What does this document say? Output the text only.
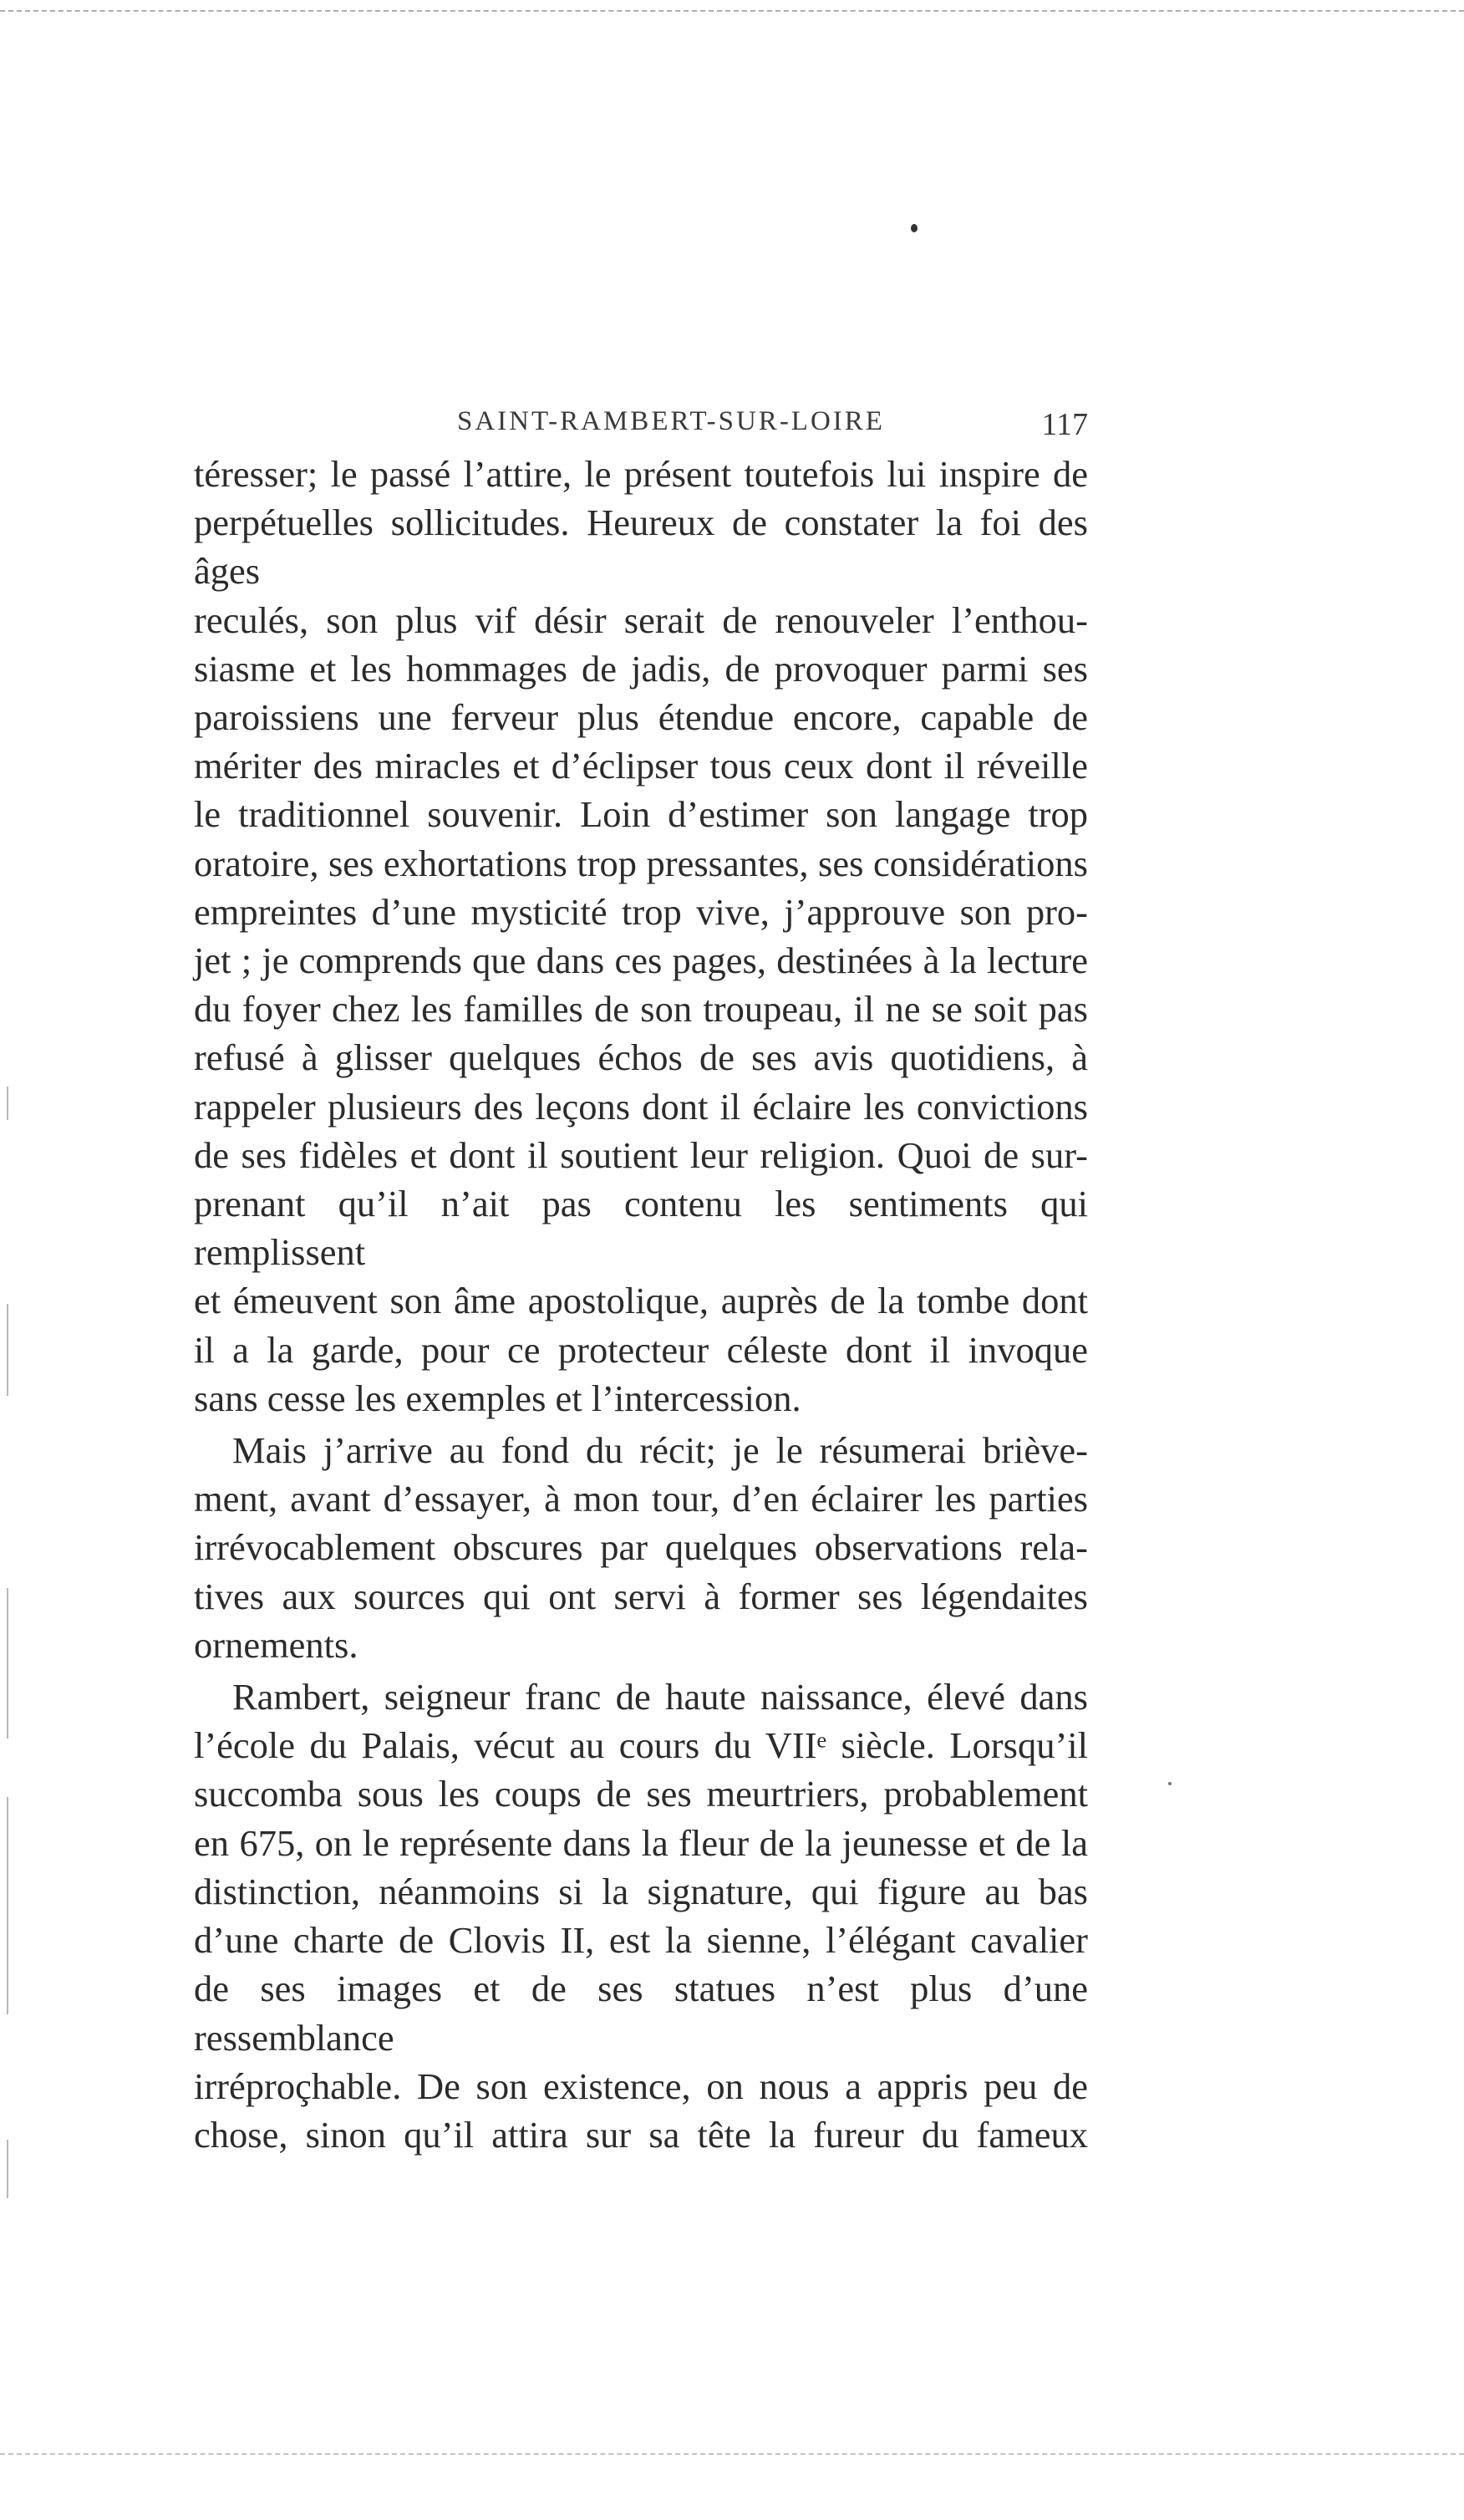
SAINT-RAMBERT-SUR-LOIRE	117

téresser; le passé l’attire, le présent toutefois lui inspire de
perpétuelles sollicitudes. Heureux de constater la foi des âges
reculés, son plus vif désir serait de renouveler l’enthou-
siasme et les hommages de jadis, de provoquer parmi ses
paroissiens une ferveur plus étendue encore, capable de
mériter des miracles et d’éclipser tous ceux dont il réveille
le traditionnel souvenir. Loin d’estimer son langage trop
oratoire, ses exhortations trop pressantes, ses considérations
empreintes d’une mysticité trop vive, j’approuve son pro-
jet ; je comprends que dans ces pages, destinées à la lecture
du foyer chez les familles de son troupeau, il ne se soit pas
refusé à glisser quelques échos de ses avis quotidiens, à
rappeler plusieurs des leçons dont il éclaire les convictions
de ses fidèles et dont il soutient leur religion. Quoi de sur-
prenant qu’il n’ait pas contenu les sentiments qui remplissent
et émeuvent son âme apostolique, auprès de la tombe dont
il a la garde, pour ce protecteur céleste dont il invoque
sans cesse les exemples et l’intercession.

Mais j’arrive au fond du récit; je le résumerai briève-
ment, avant d’essayer, à mon tour, d’en éclairer les parties
irrévocablement obscures par quelques observations rela-
tives aux sources qui ont servi à former ses légendaites
ornements.

Rambert, seigneur franc de haute naissance, élevé dans
l’école du Palais, vécut au cours du VIIᵉ siècle. Lorsqu’il
succomba sous les coups de ses meurtriers, probablement
en 675, on le représente dans la fleur de la jeunesse et de la
distinction, néanmoins si la signature, qui figure au bas
d’une charte de Clovis II, est la sienne, l’élégant cavalier
de ses images et de ses statues n’est plus d’une ressemblance
irréproçhable. De son existence, on nous a appris peu de
chose, sinon qu’il attira sur sa tête la fureur du fameux
